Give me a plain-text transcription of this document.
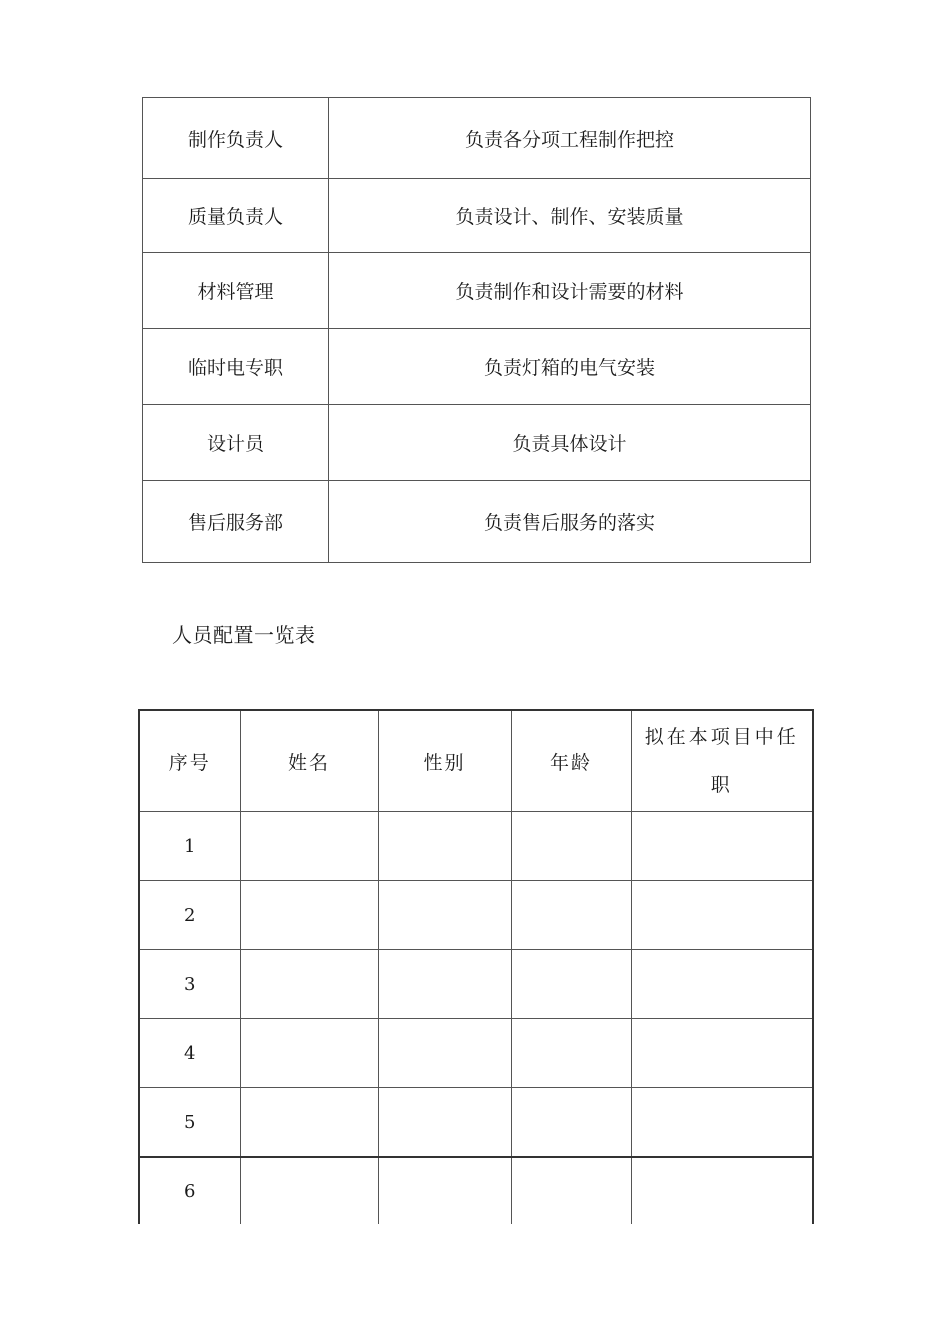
制作负责人	负责各分项工程制作把控
质量负责人	负责设计、制作、安装质量
材料管理	负责制作和设计需要的材料
临时电专职	负责灯箱的电气安装
设计员	负责具体设计
售后服务部	负责售后服务的落实
人员配置一览表
序号	姓名	性别	年龄	拟在本项目中任职
1				
2				
3				
4				
5				
6				
